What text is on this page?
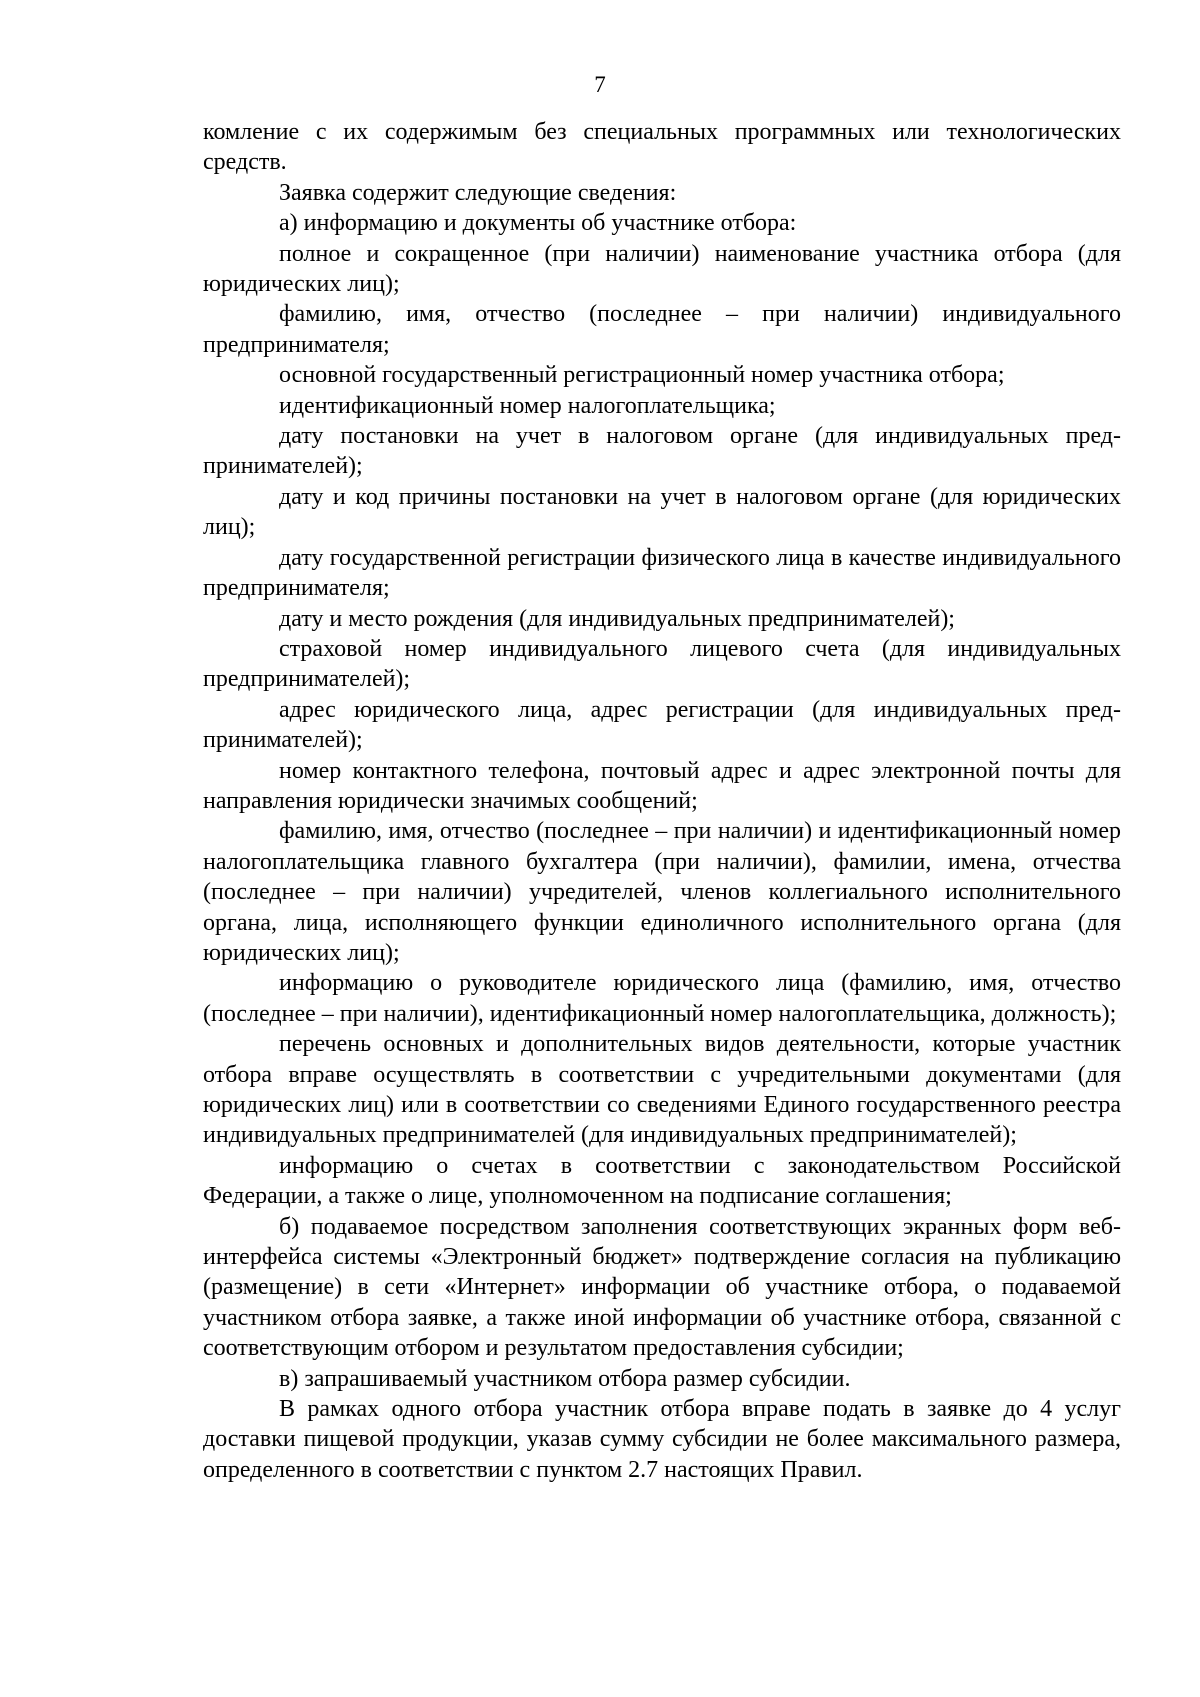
7

комление с их содержимым без специальных программных или технологических средств.

Заявка содержит следующие сведения:

а) информацию и документы об участнике отбора:

полное и сокращенное (при наличии) наименование участника отбора (для юридических лиц);

фамилию, имя, отчество (последнее – при наличии) индивидуального предпринимателя;

основной государственный регистрационный номер участника отбора;

идентификационный номер налогоплательщика;

дату постановки на учет в налоговом органе (для индивидуальных предпринимателей);

дату и код причины постановки на учет в налоговом органе (для юридических лиц);

дату государственной регистрации физического лица в качестве индивидуального предпринимателя;

дату и место рождения (для индивидуальных предпринимателей);

страховой номер индивидуального лицевого счета (для индивидуальных предпринимателей);

адрес юридического лица, адрес регистрации (для индивидуальных предпринимателей);

номер контактного телефона, почтовый адрес и адрес электронной почты для направления юридически значимых сообщений;

фамилию, имя, отчество (последнее – при наличии) и идентификационный номер налогоплательщика главного бухгалтера (при наличии), фамилии, имена, отчества (последнее – при наличии) учредителей, членов коллегиального исполнительного органа, лица, исполняющего функции единоличного исполнительного органа (для юридических лиц);

информацию о руководителе юридического лица (фамилию, имя, отчество (последнее – при наличии), идентификационный номер налогоплательщика, должность);

перечень основных и дополнительных видов деятельности, которые участник отбора вправе осуществлять в соответствии с учредительными документами (для юридических лиц) или в соответствии со сведениями Единого государственного реестра индивидуальных предпринимателей (для индивидуальных предпринимателей);

информацию о счетах в соответствии с законодательством Российской Федерации, а также о лице, уполномоченном на подписание соглашения;

б) подаваемое посредством заполнения соответствующих экранных форм веб-интерфейса системы «Электронный бюджет» подтверждение согласия на публикацию (размещение) в сети «Интернет» информации об участнике отбора, о подаваемой участником отбора заявке, а также иной информации об участнике отбора, связанной с соответствующим отбором и результатом предоставления субсидии;

в) запрашиваемый участником отбора размер субсидии.

В рамках одного отбора участник отбора вправе подать в заявке до 4 услуг доставки пищевой продукции, указав сумму субсидии не более максимального размера, определенного в соответствии с пунктом 2.7 настоящих Правил.
